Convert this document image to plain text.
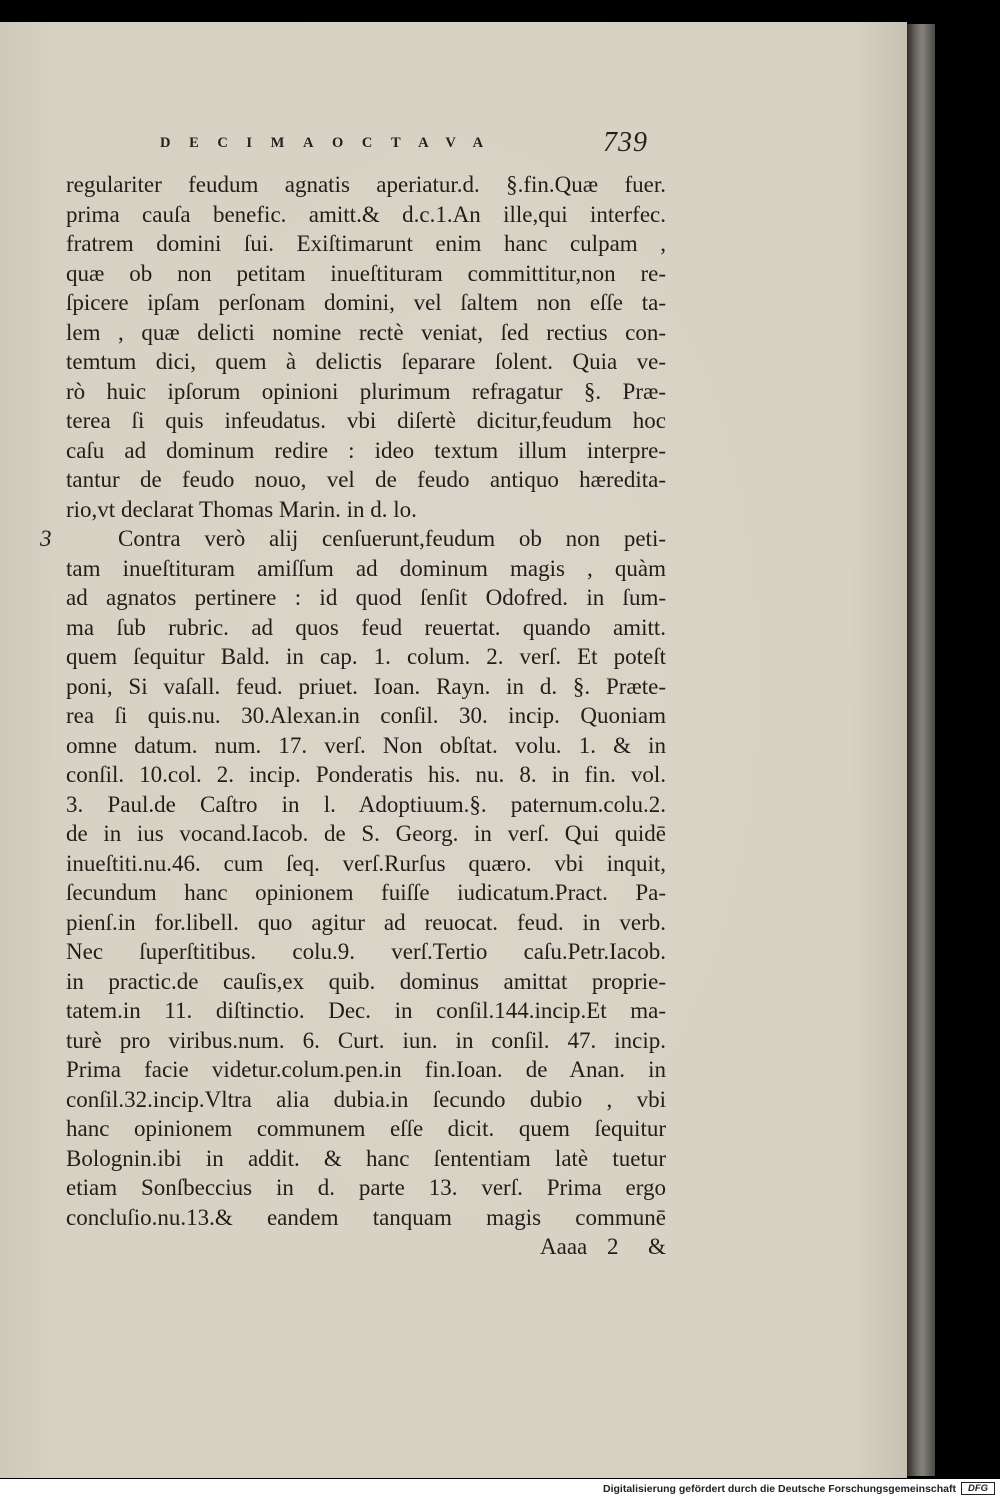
DECIMAOCTAVA	739
3
regulariter feudum agnatis aperiatur.d. §.fin.Quæ fuer.
prima cauſa benefic. amitt.& d.c.1.An ille,qui interfec.
fratrem domini ſui. Exiſtimarunt enim hanc culpam ,
quæ ob non petitam inueſtituram committitur,non re-
ſpicere ipſam perſonam domini, vel ſaltem non eſſe ta-
lem , quæ delicti nomine rectè veniat, ſed rectius con-
temtum dici, quem à delictis ſeparare ſolent. Quia ve-
rò huic ipſorum opinioni plurimum refragatur §. Præ-
terea ſi quis infeudatus. vbi diſertè dicitur,feudum hoc
caſu ad dominum redire : ideo textum illum interpre-
tantur de feudo nouo, vel de feudo antiquo hæredita-
rio,vt declarat Thomas Marin. in d. lo.
Contra verò alij cenſuerunt,feudum ob non peti-
tam inueſtituram amiſſum ad dominum magis , quàm
ad agnatos pertinere : id quod ſenſit Odofred. in ſum-
ma ſub rubric. ad quos feud reuertat. quando amitt.
quem ſequitur Bald. in cap. 1. colum. 2. verſ. Et poteſt
poni, Si vaſall. feud. priuet. Ioan. Rayn. in d. §. Præte-
rea ſi quis.nu. 30.Alexan.in conſil. 30. incip. Quoniam
omne datum. num. 17. verſ. Non obſtat. volu. 1. & in
conſil. 10.col. 2. incip. Ponderatis his. nu. 8. in fin. vol.
3. Paul.de Caſtro in l. Adoptiuum.§. paternum.colu.2.
de in ius vocand.Iacob. de S. Georg. in verſ. Qui quidē
inueſtiti.nu.46. cum ſeq. verſ.Rurſus quæro. vbi inquit,
ſecundum hanc opinionem fuiſſe iudicatum.Pract. Pa-
pienſ.in for.libell. quo agitur ad reuocat. feud. in verb.
Nec ſuperſtitibus. colu.9. verſ.Tertio caſu.Petr.Iacob.
in practic.de cauſis,ex quib. dominus amittat proprie-
tatem.in 11. diſtinctio. Dec. in conſil.144.incip.Et ma-
turè pro viribus.num. 6. Curt. iun. in conſil. 47. incip.
Prima facie videtur.colum.pen.in fin.Ioan. de Anan. in
conſil.32.incip.Vltra alia dubia.in ſecundo dubio , vbi
hanc opinionem communem eſſe dicit. quem ſequitur
Bolognin.ibi in addit. & hanc ſententiam latè tuetur
etiam Sonſbeccius in d. parte 13. verſ. Prima ergo
concluſio.nu.13.& eandem tanquam magis communē
Aaaa 2 &
Digitalisierung gefördert durch die Deutsche Forschungsgemeinschaft	DFG
